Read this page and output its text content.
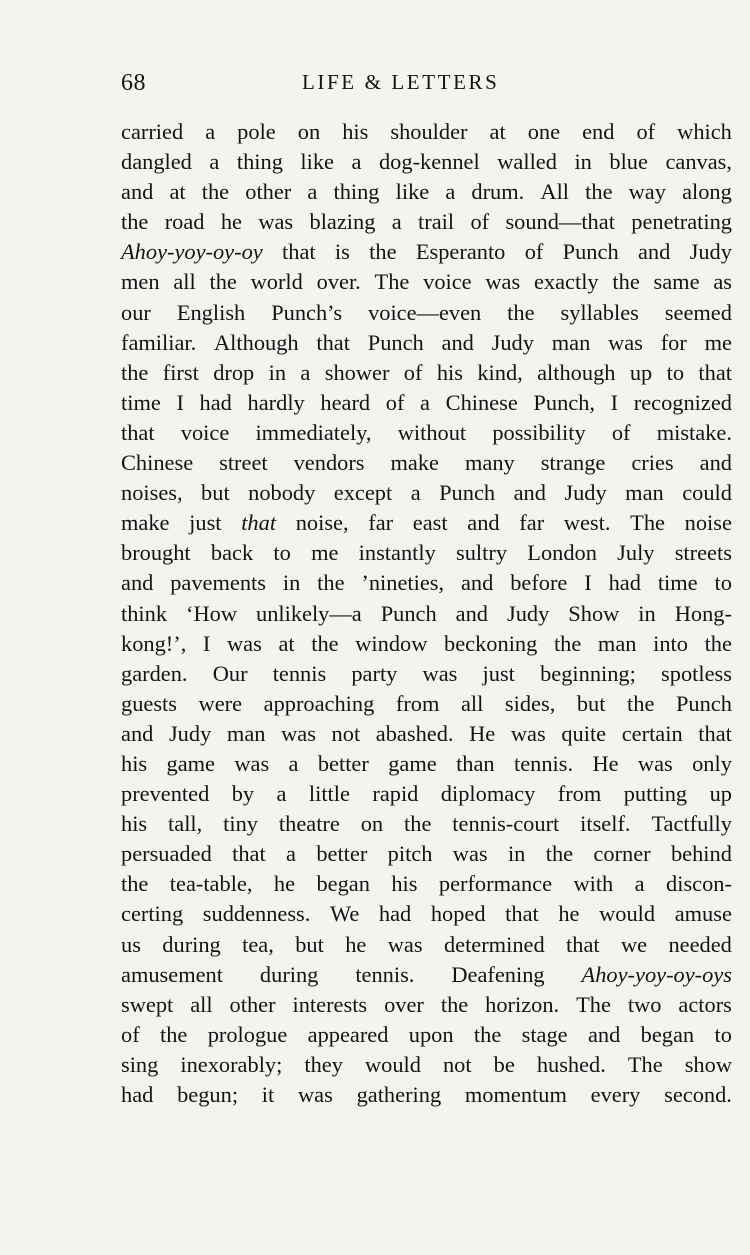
68	LIFE & LETTERS
carried a pole on his shoulder at one end of which
dangled a thing like a dog-kennel walled in blue canvas,
and at the other a thing like a drum. All the way along
the road he was blazing a trail of sound—that penetrating
Ahoy-yoy-oy-oy that is the Esperanto of Punch and Judy
men all the world over. The voice was exactly the same as
our English Punch’s voice—even the syllables seemed
familiar. Although that Punch and Judy man was for me
the first drop in a shower of his kind, although up to that
time I had hardly heard of a Chinese Punch, I recognized
that voice immediately, without possibility of mistake.
Chinese street vendors make many strange cries and
noises, but nobody except a Punch and Judy man could
make just that noise, far east and far west. The noise
brought back to me instantly sultry London July streets
and pavements in the ’nineties, and before I had time to
think ‘How unlikely—a Punch and Judy Show in Hong-
kong!’, I was at the window beckoning the man into the
garden. Our tennis party was just beginning; spotless
guests were approaching from all sides, but the Punch
and Judy man was not abashed. He was quite certain that
his game was a better game than tennis. He was only
prevented by a little rapid diplomacy from putting up
his tall, tiny theatre on the tennis-court itself. Tactfully
persuaded that a better pitch was in the corner behind
the tea-table, he began his performance with a discon-
certing suddenness. We had hoped that he would amuse
us during tea, but he was determined that we needed
amusement during tennis. Deafening Ahoy-yoy-oy-oys
swept all other interests over the horizon. The two actors
of the prologue appeared upon the stage and began to
sing inexorably; they would not be hushed. The show
had begun; it was gathering momentum every second.
